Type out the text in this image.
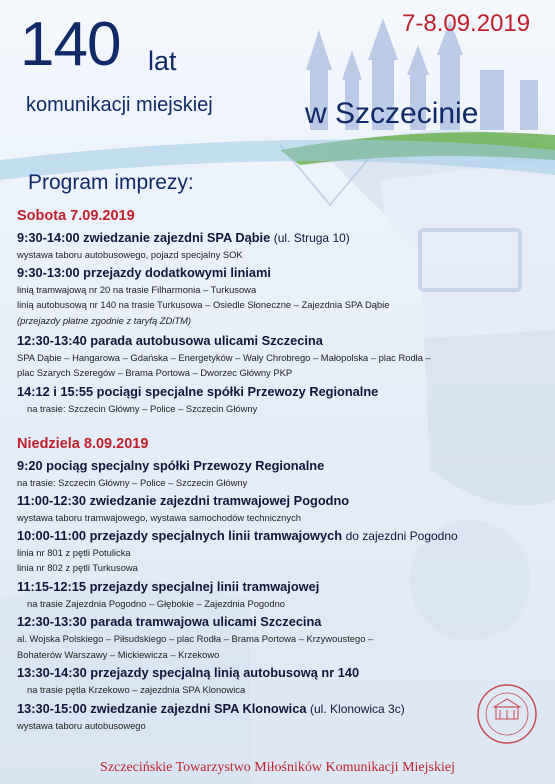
140 lat
7-8.09.2019
komunikacji miejskiej	w Szczecinie
Program imprezy:
Sobota 7.09.2019
9:30-14:00 zwiedzanie zajezdni SPA Dąbie (ul. Struga 10)
wystawa taboru autobusowego, pojazd specjalny SOK
9:30-13:00 przejazdy dodatkowymi liniami
linią tramwajową nr 20 na trasie Filharmonia – Turkusowa
linią autobusową nr 140 na trasie Turkusowa – Osiedle Słoneczne – Zajezdnia SPA Dąbie
(przejazdy płatne zgodnie z taryfą ZDiTM)
12:30-13:40 parada autobusowa ulicami Szczecina
SPA Dąbie – Hangarowa – Gdańska – Energetyków – Wały Chrobrego – Małopolska – plac Rodła –
plac Szarych Szeregów – Brama Portowa – Dworzec Główny PKP
14:12 i 15:55 pociągi specjalne spółki Przewozy Regionalne
na trasie: Szczecin Główny – Police – Szczecin Główny
Niedziela 8.09.2019
9:20 pociąg specjalny spółki Przewozy Regionalne
na trasie: Szczecin Główny – Police – Szczecin Główny
11:00-12:30 zwiedzanie zajezdni tramwajowej Pogodno
wystawa taboru tramwajowego, wystawa samochodów technicznych
10:00-11:00 przejazdy specjalnych linii tramwajowych do zajezdni Pogodno
linia nr 801 z pętli Potulicka
linia nr 802 z pętli Turkusowa
11:15-12:15 przejazdy specjalnej linii tramwajowej
na trasie Zajezdnia Pogodno – Głębokie – Zajezdnia Pogodno
12:30-13:30 parada tramwajowa ulicami Szczecina
al. Wojska Polskiego – Piłsudskiego – plac Rodła – Brama Portowa – Krzywoustego –
Bohaterów Warszawy – Mickiewicza – Krzekowo
13:30-14:30 przejazdy specjalną linią autobusową nr 140
na trasie pętla Krzekowo – zajezdnia SPA Klonowica
13:30-15:00 zwiedzanie zajezdni SPA Klonowica (ul. Klonowica 3c)
wystawa taboru autobusowego
Szczecińskie Towarzystwo Miłośników Komunikacji Miejskiej
